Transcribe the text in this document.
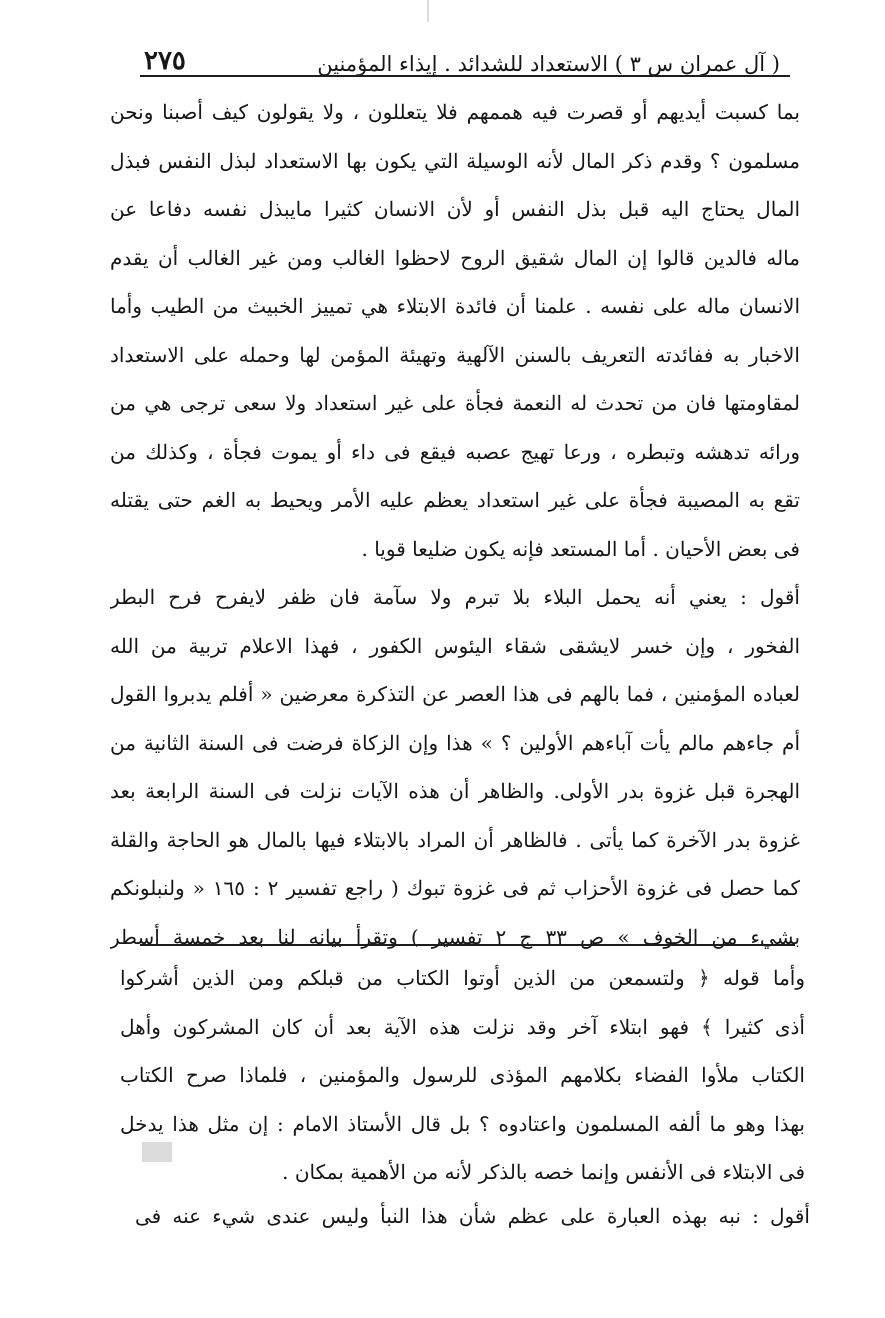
( آل عمران س ٣ ) الاستعداد للشدائد . إيذاء المؤمنين
٢٧٥
بما كسبت أيديهم أو قصرت فيه هممهم فلا يتعللون ، ولا يقولون كيف أصبنا ونحن
مسلمون ؟ وقدم ذكر المال لأنه الوسيلة التي يكون بها الاستعداد لبذل النفس فبذل
المال يحتاج اليه قبل بذل النفس أو لأن الانسان كثيرا مايبذل نفسه دفاعا عن
ماله فالدين قالوا إن المال شقيق الروح لاحظوا الغالب ومن غير الغالب أن يقدم
الانسان ماله على نفسه . علمنا أن فائدة الابتلاء هي تمييز الخبيث من الطيب وأما
الاخبار به ففائدته التعريف بالسنن الآلهية وتهيئة المؤمن لها وحمله على الاستعداد
لمقاومتها فان من تحدث له النعمة فجأة على غير استعداد ولا سعى ترجى هي من
ورائه تدهشه وتبطره ، ورعا تهيج عصبه فيقع فى داء أو يموت فجأة ، وكذلك من
تقع به المصيبة فجأة على غير استعداد يعظم عليه الأمر ويحيط به الغم حتى يقتله
فى بعض الأحيان . أما المستعد فإنه يكون ضليعا قويا .
أقول : يعني أنه يحمل البلاء بلا تبرم ولا سآمة فان ظفر لايفرح فرح البطر
الفخور ، وإن خسر لايشقى شقاء اليئوس الكفور ، فهذا الاعلام تربية من الله
لعباده المؤمنين ، فما بالهم فى هذا العصر عن التذكرة معرضين « أفلم يدبروا القول
أم جاءهم مالم يأت آباءهم الأولين ؟ » هذا وإن الزكاة فرضت فى السنة الثانية من
الهجرة قبل غزوة بدر الأولى. والظاهر أن هذه الآيات نزلت فى السنة الرابعة بعد
غزوة بدر الآخرة كما يأتى . فالظاهر أن المراد بالابتلاء فيها بالمال هو الحاجة والقلة
كما حصل فى غزوة الأحزاب ثم فى غزوة تبوك ( راجع تفسير ٢ : ١٦٥ « ولنبلونكم
بشيء من الخوف » ص ٣٣ ج ٢ تفسير ) وتقرأ بيانه لنا بعد خمسة أسطر
وأما قوله ﴿ ولتسمعن من الذين أوتوا الكتاب من قبلكم ومن الذين أشركوا
أذى كثيرا ﴾ فهو ابتلاء آخر وقد نزلت هذه الآية بعد أن كان المشركون وأهل
الكتاب ملأوا الفضاء بكلامهم المؤذى للرسول والمؤمنين ، فلماذا صرح الكتاب
بهذا وهو ما ألفه المسلمون واعتادوه ؟ بل قال الأستاذ الامام : إن مثل هذا يدخل
فى الابتلاء فى الأنفس وإنما خصه بالذكر لأنه من الأهمية بمكان .
أقول : نبه بهذه العبارة على عظم شأن هذا النبأ وليس عندى شيء عنه فى
